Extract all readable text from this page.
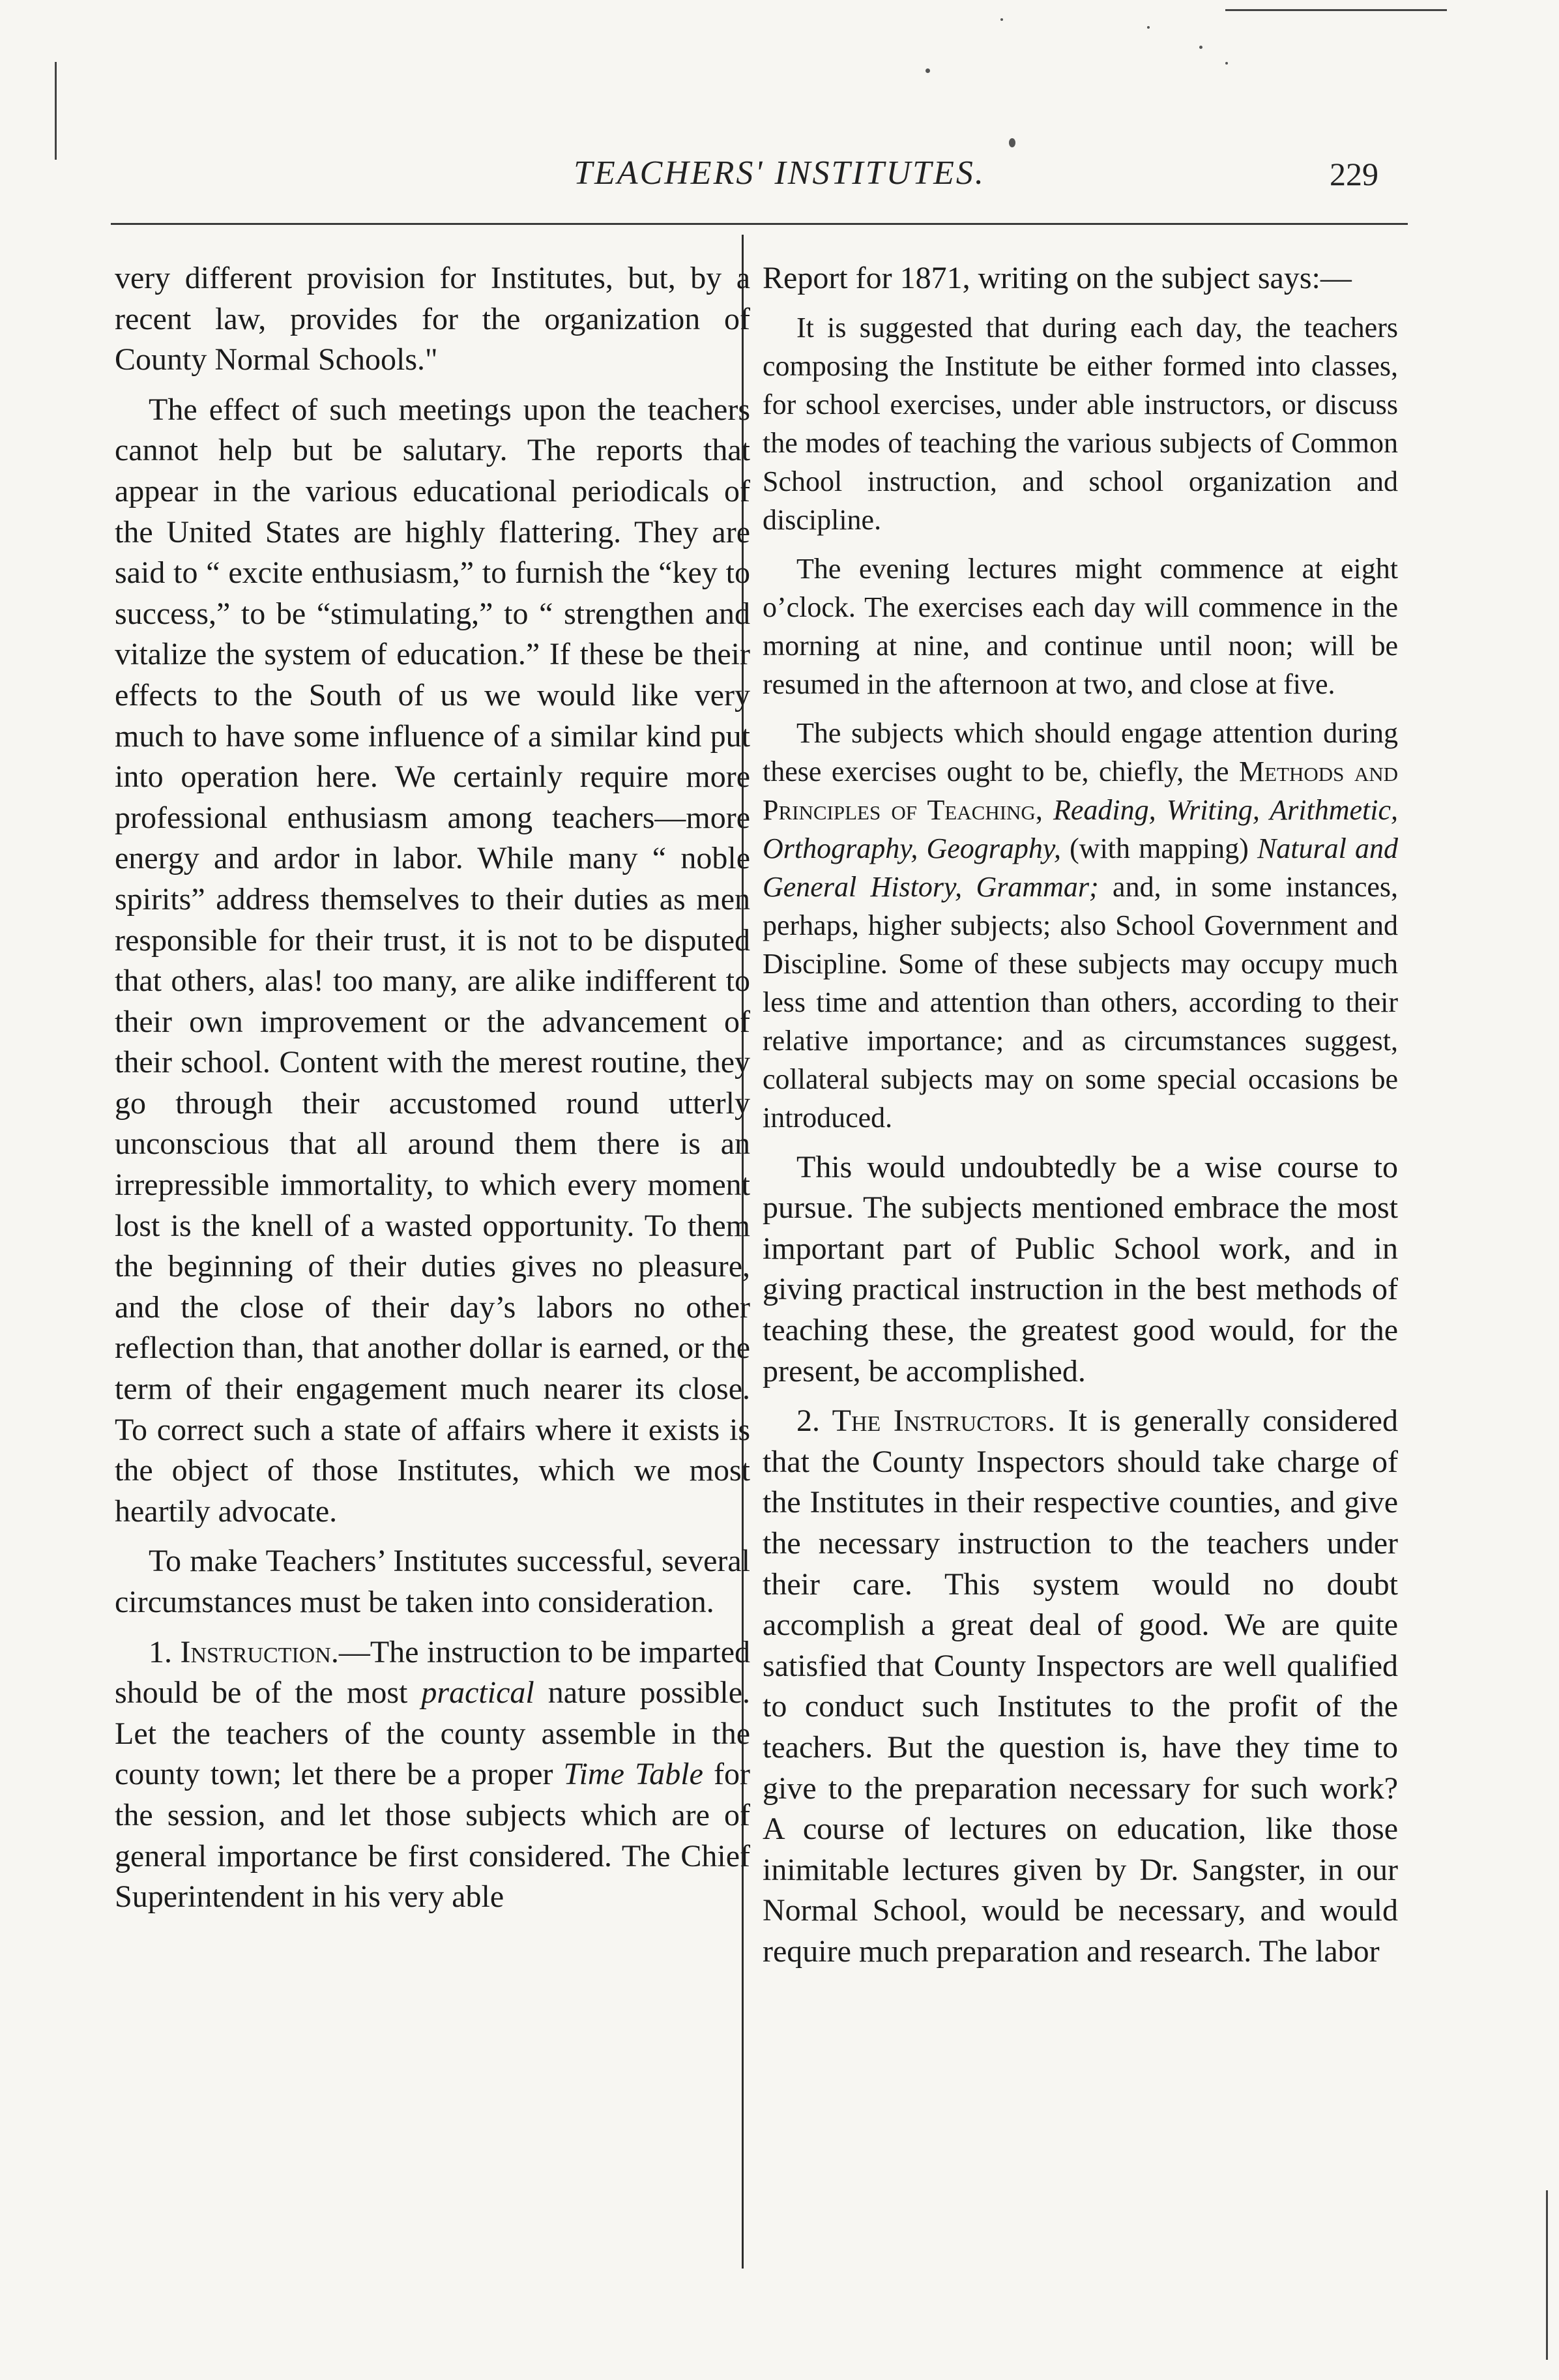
TEACHERS' INSTITUTES.	229

very different provision for Institutes, but, by a recent law, provides for the organization of County Normal Schools."

The effect of such meetings upon the teachers cannot help but be salutary. The reports that appear in the various educational periodicals of the United States are highly flattering. They are said to “ excite enthusiasm,” to furnish the “key to success,” to be “stimulating,” to “ strengthen and vitalize the system of education.” If these be their effects to the South of us we would like very much to have some influence of a similar kind put into operation here. We certainly require more professional enthusiasm among teachers—more energy and ardor in labor. While many “ noble spirits” address themselves to their duties as men responsible for their trust, it is not to be disputed that others, alas! too many, are alike indifferent to their own improvement or the advancement of their school. Content with the merest routine, they go through their accustomed round utterly unconscious that all around them there is an irrepressible immortality, to which every moment lost is the knell of a wasted opportunity. To them the beginning of their duties gives no pleasure, and the close of their day’s labors no other reflection than, that another dollar is earned, or the term of their engagement much nearer its close. To correct such a state of affairs where it exists is the object of those Institutes, which we most heartily advocate.

To make Teachers’ Institutes successful, several circumstances must be taken into consideration.

1. Instruction.—The instruction to be imparted should be of the most practical nature possible. Let the teachers of the county assemble in the county town; let there be a proper Time Table for the session, and let those subjects which are of general importance be first considered. The Chief Superintendent in his very able

Report for 1871, writing on the subject says:—

It is suggested that during each day, the teachers composing the Institute be either formed into classes, for school exercises, under able instructors, or discuss the modes of teaching the various subjects of Common School instruction, and school organization and discipline.

The evening lectures might commence at eight o’clock. The exercises each day will commence in the morning at nine, and continue until noon; will be resumed in the afternoon at two, and close at five.

The subjects which should engage attention during these exercises ought to be, chiefly, the Methods and Principles of Teaching, Reading, Writing, Arithmetic, Orthography, Geography, (with mapping) Natural and General History, Grammar; and, in some instances, perhaps, higher subjects; also School Government and Discipline. Some of these subjects may occupy much less time and attention than others, according to their relative importance; and as circumstances suggest, collateral subjects may on some special occasions be introduced.

This would undoubtedly be a wise course to pursue. The subjects mentioned embrace the most important part of Public School work, and in giving practical instruction in the best methods of teaching these, the greatest good would, for the present, be accomplished.

2. The Instructors. It is generally considered that the County Inspectors should take charge of the Institutes in their respective counties, and give the necessary instruction to the teachers under their care. This system would no doubt accomplish a great deal of good. We are quite satisfied that County Inspectors are well qualified to conduct such Institutes to the profit of the teachers. But the question is, have they time to give to the preparation necessary for such work? A course of lectures on education, like those inimitable lectures given by Dr. Sangster, in our Normal School, would be necessary, and would require much preparation and research. The labor
